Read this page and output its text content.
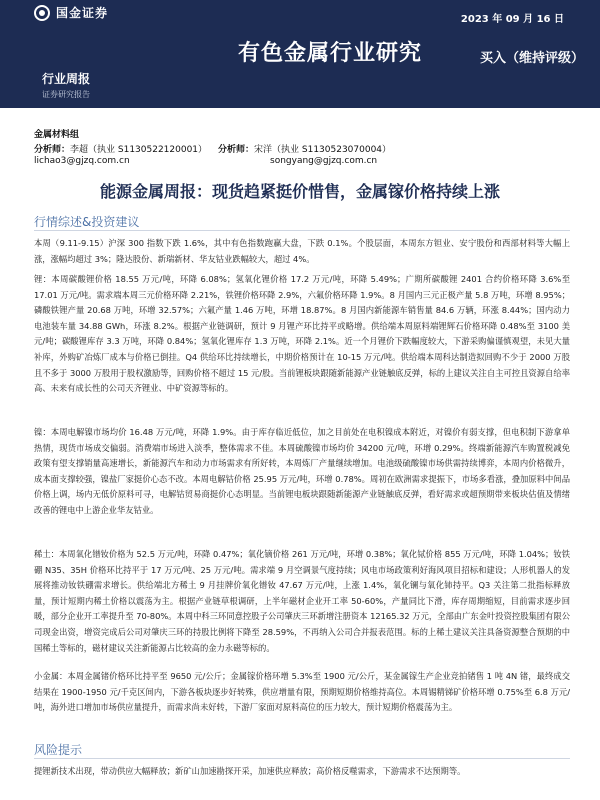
国金证券	2023 年 09 月 16 日
有色金属行业研究	买入（维持评级）
行业周报
证券研究报告
金属材料组
分析师：李超（执业 S1130522120001）
lichao3@gjzq.com.cn
分析师：宋洋（执业 S1130523070004）
songyang@gjzq.com.cn
能源金属周报：现货趋紧挺价惜售，金属镓价格持续上涨
行情综述&投资建议

本周（9.11-9.15）沪深 300 指数下跌 1.6%，其中有色指数跑赢大盘，下跌 0.1%。个股层面，本周东方钽业、安宁股份和西部材料等大幅上涨，涨幅均超过 3%；隆达股份、新瑞新材、华友钴业跌幅较大，超过 4%。

锂：本周碳酸锂价格 18.55 万元/吨，环降 6.08%；氢氧化锂价格 17.2 万元/吨，环降 5.49%；广期所碳酸锂 2401 合约价格环降 3.6%至 17.01 万元/吨。需求端本周三元价格环降 2.21%，铁锂价格环降 2.9%，六氟价格环降 1.9%。8 月国内三元正极产量 5.8 万吨，环增 8.95%；磷酸铁锂产量 20.68 万吨，环增 32.57%；六氟产量 1.46 万吨，环增 18.87%。8 月国内新能源车销售量 84.6 万辆，环涨 8.44%；国内动力电池装车量 34.88 GWh，环涨 8.2%。根据产业链调研，预计 9 月锂产环比持平或略增。供给端本周原料端锂辉石价格环降 0.48%至 3100 美元/吨；碳酸锂库存 3.3 万吨，环降 0.84%；氢氧化锂库存 1.3 万吨，环降 2.1%。近一个月锂价下跌幅度较大，下游采购偏谨慎观望，未见大量补库，外购矿冶炼厂成本与价格已倒挂。Q4 供给环比持续增长，中期价格预计在 10-15 万元/吨。供给端本周科达制造拟回购不少于 2000 万股且不多于 3000 万股用于股权激励等，回购价格不超过 15 元/股。当前锂板块跟随新能源产业链触底反弹，标的上建议关注自主可控且资源自给率高、未来有成长性的公司天齐锂业、中矿资源等标的。

镍：本周电解镍市场均价 16.48 万元/吨，环降 1.9%。由于库存临近低位，加之目前处在电积镍成本附近，对镍价有弱支撑，但电积制下游拿单热情，现货市场成交偏弱。消费端市场进入淡季，整体需求不佳。本周硫酸镍市场均价 34200 元/吨，环增 0.29%。终端新能源汽车购置税减免政策有望支撑销量高速增长，新能源汽车和动力市场需求有所好转，本周炼厂产量继续增加。电池级硫酸镍市场供需持续博弈，本周内价格微升，成本面支撑较强，镍盐厂家挺价心态不改。本周电解钴价格 25.95 万元/吨，环增 0.78%。周初在欧洲需求提振下，市场多看涨，叠加原料中间品价格上调，场内无低价原料可寻，电解钴贸易商挺价心态明显。当前锂电板块跟随新能源产业链触底反弹，看好需求或超预期带来板块估值及情绪改善的锂电中上游企业华友钴业。

稀土：本周氧化镨钕价格为 52.5 万元/吨，环降 0.47%；氧化镝价格 261 万元/吨，环增 0.38%；氧化铽价格 855 万元/吨，环降 1.04%；钕铁硼 N35、35H 价格环比持平于 17 万元/吨、25 万元/吨。需求端 9 月空调景气度持续；风电市场政策利好海风项目招标和建设；人形机器人的发展将推动钕铁硼需求增长。供给端北方稀土 9 月挂牌价氧化镨钕 47.67 万元/吨，上涨 1.4%，氧化镧与氧化铈持平。Q3 关注第二批指标释放量，预计短期内稀土价格以震荡为主。根据产业链草根调研，上半年磁材企业开工率 50-60%，产量同比下滑，库存周期缩短，目前需求逐步回暖，部分企业开工率提升至 70-80%。本周中科三环同意控股子公司肇庆三环新增注册资本 12165.32 万元，全部由广东金叶投资控股集团有限公司现金出资，增资完成后公司对肇庆三环的持股比例将下降至 28.59%，不再纳入公司合并报表范围。标的上稀土建议关注具备资源整合预期的中国稀土等标的，磁材建议关注新能源占比较高的金力永磁等标的。

小金属：本周金属锗价格环比持平至 9650 元/公斤；金属镓价格环增 5.3%至 1900 元/公斤，某金属镓生产企业竞拍锗售 1 吨 4N 锗，最终成交结果在 1900-1950 元/千克区间内，下游各板块逐步好转殊，供应增量有限，预期短期价格维持高位。本周锡精锑矿价格环增 0.75%至 6.8 万元/吨，海外进口增加市场供应量提升，而需求尚未好转，下游厂家面对原料高位的压力较大，预计短期价格震荡为主。

风险提示

提锂新技术出现，带动供应大幅释放；新矿山加速勘探开采，加速供应释放；高价格反噬需求，下游需求不达预期等。
